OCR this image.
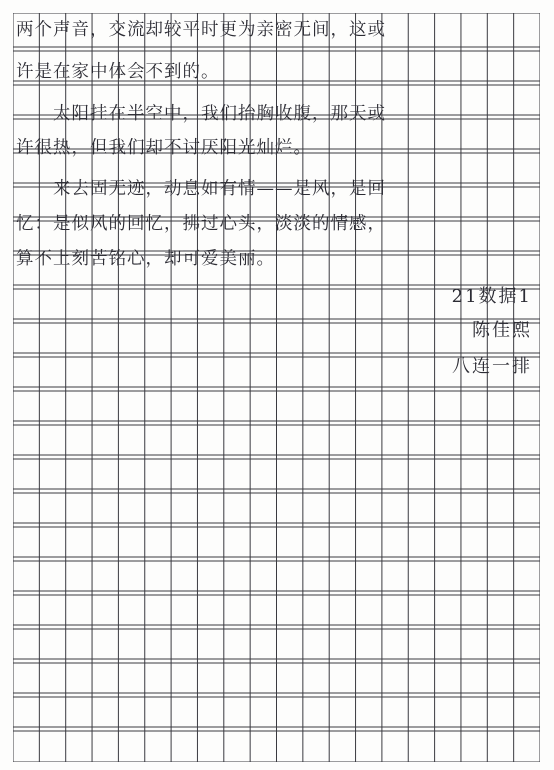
两个声音，交流却较平时更为亲密无间，这或
许是在家中体会不到的。
　　太阳挂在半空中，我们抬胸收腹，那天或
许很热，但我们却不讨厌阳光灿烂。
　　来去固无迹，动息如有情——是风，是回
忆：是似风的回忆，拂过心头，淡淡的情感，
算不上刻苦铭心，却可爱美丽。
21数据1
陈佳熙
八连一排
